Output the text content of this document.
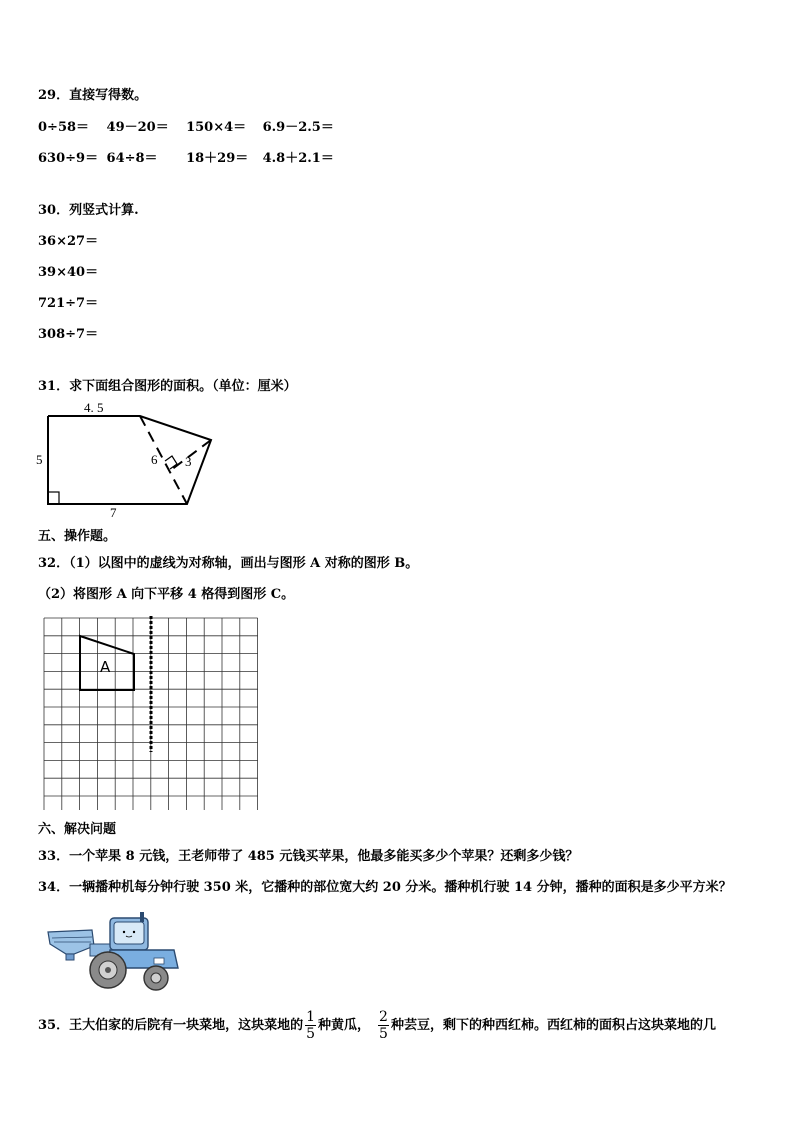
29．直接写得数。
0÷58＝ 49－20＝ 150×4＝ 6.9－2.5＝
630÷9＝ 64÷8＝ 18＋29＝ 4.8＋2.1＝
30．列竖式计算.
36×27＝
39×40＝
721÷7＝
308÷7＝
31．求下面组合图形的面积。（单位：厘米）
4. 5
5
7
6 3
五、操作题。
32．（1）以图中的虚线为对称轴，画出与图形 A 对称的图形 B。
（2）将图形 A 向下平移 4 格得到图形 C。
A
六、解决问题
33．一个苹果 8 元钱，王老师带了 485 元钱买苹果，他最多能买多少个苹果？还剩多少钱？
34．一辆播种机每分钟行驶 350 米，它播种的部位宽大约 20 分米。播种机行驶 14 分钟，播种的面积是多少平方米？
35．王大伯家的后院有一块菜地，这块菜地的 $\frac{1}{5}$ 种黄瓜， $\frac{2}{5}$ 种芸豆，剩下的种西红柿。西红柿的面积占这块菜地的几
